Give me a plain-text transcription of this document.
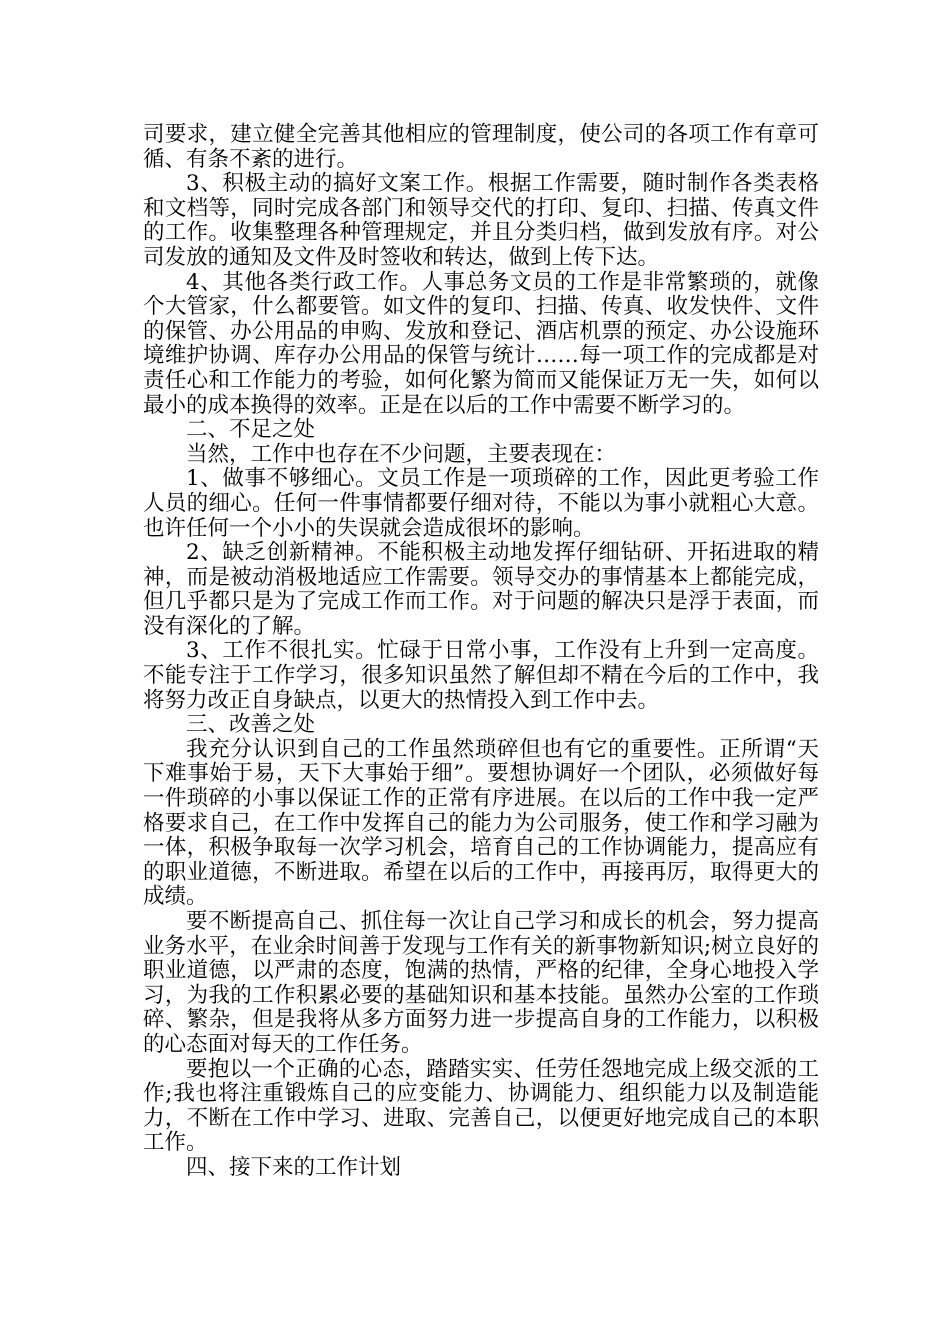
司要求，建立健全完善其他相应的管理制度，使公司的各项工作有章可循、有条不紊的进行。

3、积极主动的搞好文案工作。根据工作需要，随时制作各类表格和文档等，同时完成各部门和领导交代的打印、复印、扫描、传真文件的工作。收集整理各种管理规定，并且分类归档，做到发放有序。对公司发放的通知及文件及时签收和转达，做到上传下达。

4、其他各类行政工作。人事总务文员的工作是非常繁琐的，就像个大管家，什么都要管。如文件的复印、扫描、传真、收发快件、文件的保管、办公用品的申购、发放和登记、酒店机票的预定、办公设施环境维护协调、库存办公用品的保管与统计……每一项工作的完成都是对责任心和工作能力的考验，如何化繁为简而又能保证万无一失，如何以最小的成本换得的效率。正是在以后的工作中需要不断学习的。

二、不足之处

当然，工作中也存在不少问题，主要表现在：

1、做事不够细心。文员工作是一项琐碎的工作，因此更考验工作人员的细心。任何一件事情都要仔细对待，不能以为事小就粗心大意。也许任何一个小小的失误就会造成很坏的影响。

2、缺乏创新精神。不能积极主动地发挥仔细钻研、开拓进取的精神，而是被动消极地适应工作需要。领导交办的事情基本上都能完成，但几乎都只是为了完成工作而工作。对于问题的解决只是浮于表面，而没有深化的了解。

3、工作不很扎实。忙碌于日常小事，工作没有上升到一定高度。不能专注于工作学习，很多知识虽然了解但却不精在今后的工作中，我将努力改正自身缺点，以更大的热情投入到工作中去。

三、改善之处

我充分认识到自己的工作虽然琐碎但也有它的重要性。正所谓“天下难事始于易，天下大事始于细”。要想协调好一个团队，必须做好每一件琐碎的小事以保证工作的正常有序进展。在以后的工作中我一定严格要求自己，在工作中发挥自己的能力为公司服务，使工作和学习融为一体，积极争取每一次学习机会，培育自己的工作协调能力，提高应有的职业道德，不断进取。希望在以后的工作中，再接再厉，取得更大的成绩。

要不断提高自己、抓住每一次让自己学习和成长的机会，努力提高业务水平，在业余时间善于发现与工作有关的新事物新知识;树立良好的职业道德，以严肃的态度，饱满的热情，严格的纪律，全身心地投入学习，为我的工作积累必要的基础知识和基本技能。虽然办公室的工作琐碎、繁杂，但是我将从多方面努力进一步提高自身的工作能力，以积极的心态面对每天的工作任务。

要抱以一个正确的心态，踏踏实实、任劳任怨地完成上级交派的工作;我也将注重锻炼自己的应变能力、协调能力、组织能力以及制造能力，不断在工作中学习、进取、完善自己，以便更好地完成自己的本职工作。

四、接下来的工作计划
